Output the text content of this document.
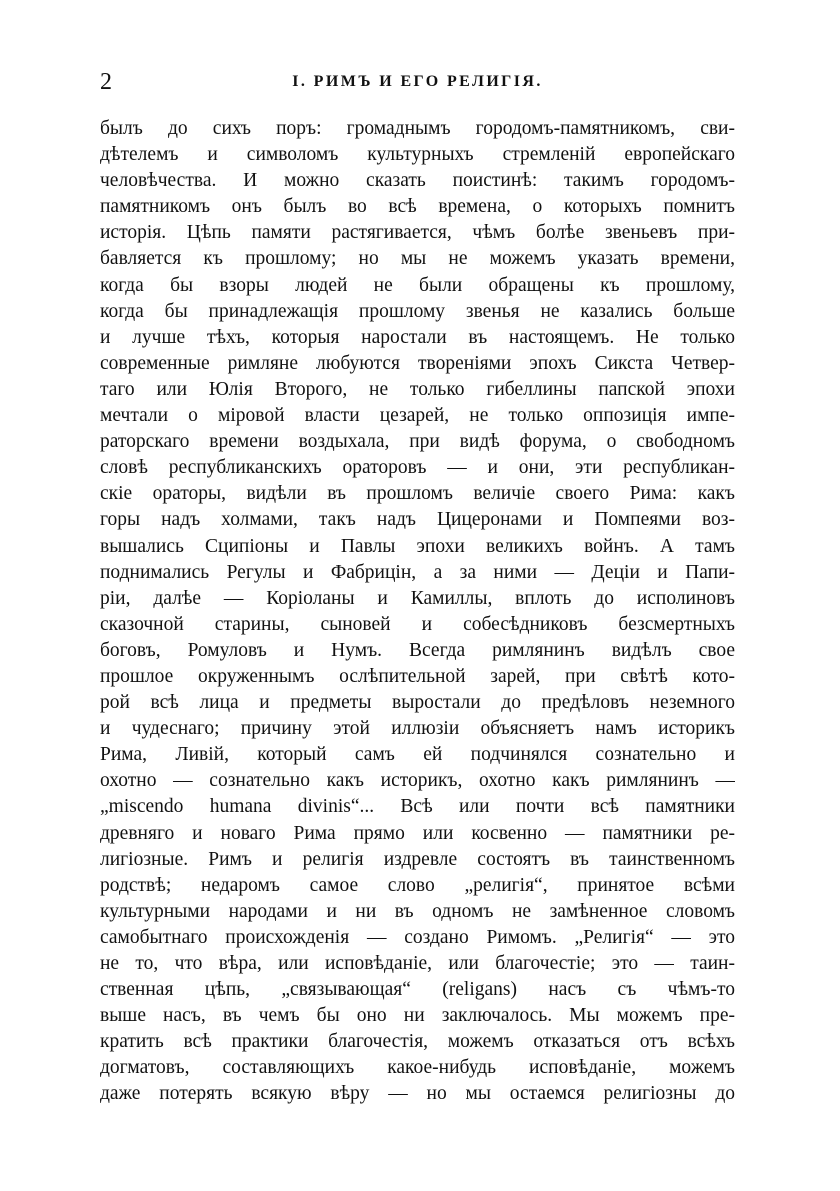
2	I. РИМЪ И ЕГО РЕЛИГІЯ.
былъ до сихъ поръ: громаднымъ городомъ-памятникомъ, сви-
дѣтелемъ и символомъ культурныхъ стремленій европейскаго
человѣчества. И можно сказать поистинѣ: такимъ городомъ-
памятникомъ онъ былъ во всѣ времена, о которыхъ помнитъ
исторія. Цѣпь памяти растягивается, чѣмъ болѣе звеньевъ при-
бавляется къ прошлому; но мы не можемъ указать времени,
когда бы взоры людей не были обращены къ прошлому,
когда бы принадлежащія прошлому звенья не казались больше
и лучше тѣхъ, которыя наростали въ настоящемъ. Не только
современные римляне любуются твореніями эпохъ Сикста Четвер-
таго или Юлія Второго, не только гибеллины папской эпохи
мечтали о міровой власти цезарей, не только оппозиція импе-
раторскаго времени воздыхала, при видѣ форума, о свободномъ
словѣ республиканскихъ ораторовъ — и они, эти республикан-
скіе ораторы, видѣли въ прошломъ величіе своего Рима: какъ
горы надъ холмами, такъ надъ Цицеронами и Помпеями воз-
вышались Сципіоны и Павлы эпохи великихъ войнъ. А тамъ
поднимались Регулы и Фабрицін, а за ними — Деціи и Папи-
ріи, далѣе — Коріоланы и Камиллы, вплоть до исполиновъ
сказочной старины, сыновей и собесѣдниковъ безсмертныхъ
боговъ, Ромуловъ и Нумъ. Всегда римлянинъ видѣлъ свое
прошлое окруженнымъ ослѣпительной зарей, при свѣтѣ кото-
рой всѣ лица и предметы выростали до предѣловъ неземного
и чудеснаго; причину этой иллюзіи объясняетъ намъ историкъ
Рима, Ливій, который самъ ей подчинялся сознательно и
охотно — сознательно какъ историкъ, охотно какъ римлянинъ —
„miscendo humana divinis“... Всѣ или почти всѣ памятники
древняго и новаго Рима прямо или косвенно — памятники ре-
лигіозные. Римъ и религія издревле состоятъ въ таинственномъ
родствѣ; недаромъ самое слово „религія“, принятое всѣми
культурными народами и ни въ одномъ не замѣненное словомъ
самобытнаго происхожденія — создано Римомъ. „Религія“ — это
не то, что вѣра, или исповѣданіе, или благочестіе; это — таин-
ственная цѣпь, „связывающая“ (religans) насъ съ чѣмъ-то
выше насъ, въ чемъ бы оно ни заключалось. Мы можемъ пре-
кратить всѣ практики благочестія, можемъ отказаться отъ всѣхъ
догматовъ, составляющихъ какое-нибудь исповѣданіе, можемъ
даже потерять всякую вѣру — но мы остаемся религіозны до
